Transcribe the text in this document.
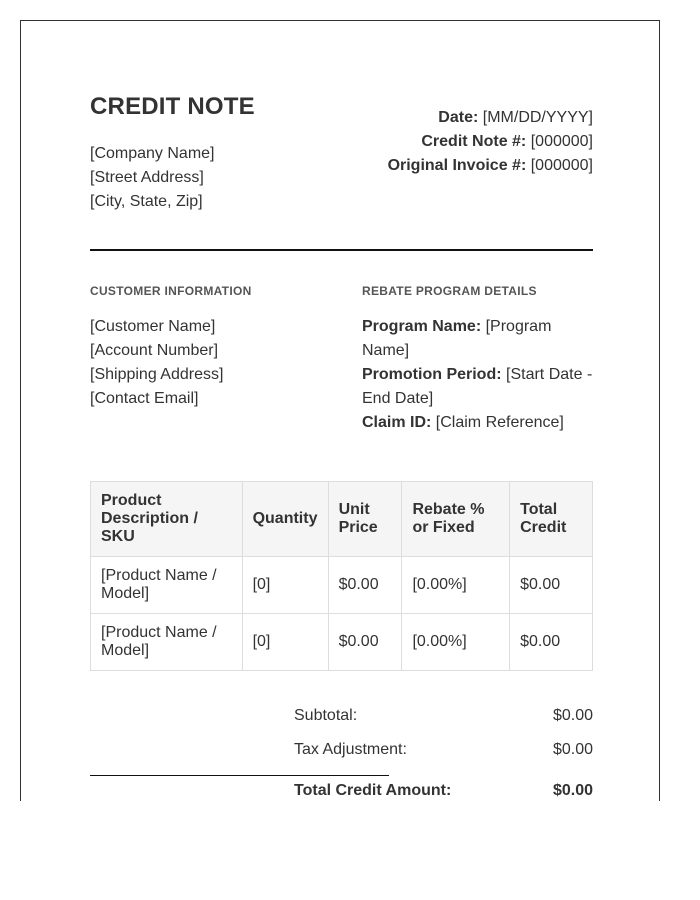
CREDIT NOTE
[Company Name]
[Street Address]
[City, State, Zip]
Date: [MM/DD/YYYY]
Credit Note #: [000000]
Original Invoice #: [000000]
CUSTOMER INFORMATION	REBATE PROGRAM DETAILS
[Customer Name]
[Account Number]
[Shipping Address]
[Contact Email]
Program Name: [Program Name]
Promotion Period: [Start Date - End Date]
Claim ID: [Claim Reference]
Product Description / SKU	Quantity	Unit Price	Rebate % or Fixed	Total Credit
[Product Name / Model]	[0]	$0.00	[0.00%]	$0.00
[Product Name / Model]	[0]	$0.00	[0.00%]	$0.00
Subtotal:	$0.00
Tax Adjustment:	$0.00
Total Credit Amount:	$0.00
